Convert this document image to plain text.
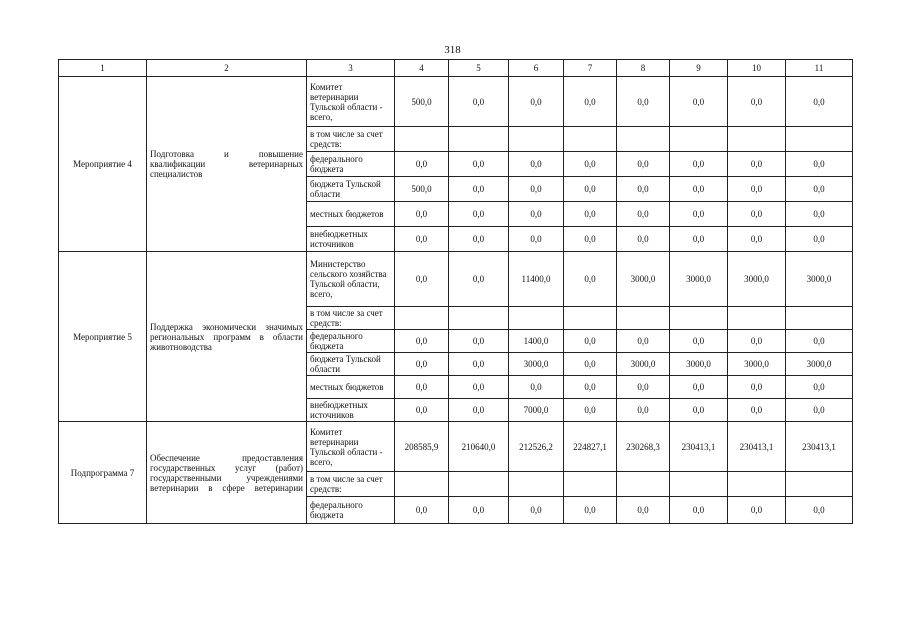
318
1	2	3	4	5	6	7	8	9	10	11
Мероприятие 4	Подготовка и повышение квалификации ветеринарных специалистов	Комитет ветеринарии Тульской области - всего,	500,0	0,0	0,0	0,0	0,0	0,0	0,0	0,0
		в том числе за счет средств:								
		федерального бюджета	0,0	0,0	0,0	0,0	0,0	0,0	0,0	0,0
		бюджета Тульской области	500,0	0,0	0,0	0,0	0,0	0,0	0,0	0,0
		местных бюджетов	0,0	0,0	0,0	0,0	0,0	0,0	0,0	0,0
		внебюджетных источников	0,0	0,0	0,0	0,0	0,0	0,0	0,0	0,0
Мероприятие 5	Поддержка экономически значимых региональных программ в области животноводства	Министерство сельского хозяйства Тульской области, всего,	0,0	0,0	11400,0	0,0	3000,0	3000,0	3000,0	3000,0
		в том числе за счет средств:								
		федерального бюджета	0,0	0,0	1400,0	0,0	0,0	0,0	0,0	0,0
		бюджета Тульской области	0,0	0,0	3000,0	0,0	3000,0	3000,0	3000,0	3000,0
		местных бюджетов	0,0	0,0	0,0	0,0	0,0	0,0	0,0	0,0
		внебюджетных источников	0,0	0,0	7000,0	0,0	0,0	0,0	0,0	0,0
Подпрограмма 7	Обеспечение предоставления государственных услуг (работ) государственными учреждениями ветеринарии в сфере ветеринарии	Комитет ветеринарии Тульской области - всего,	208585,9	210640,0	212526,2	224827,1	230268,3	230413,1	230413,1	230413,1
		в том числе за счет средств:								
		федерального бюджета	0,0	0,0	0,0	0,0	0,0	0,0	0,0	0,0
